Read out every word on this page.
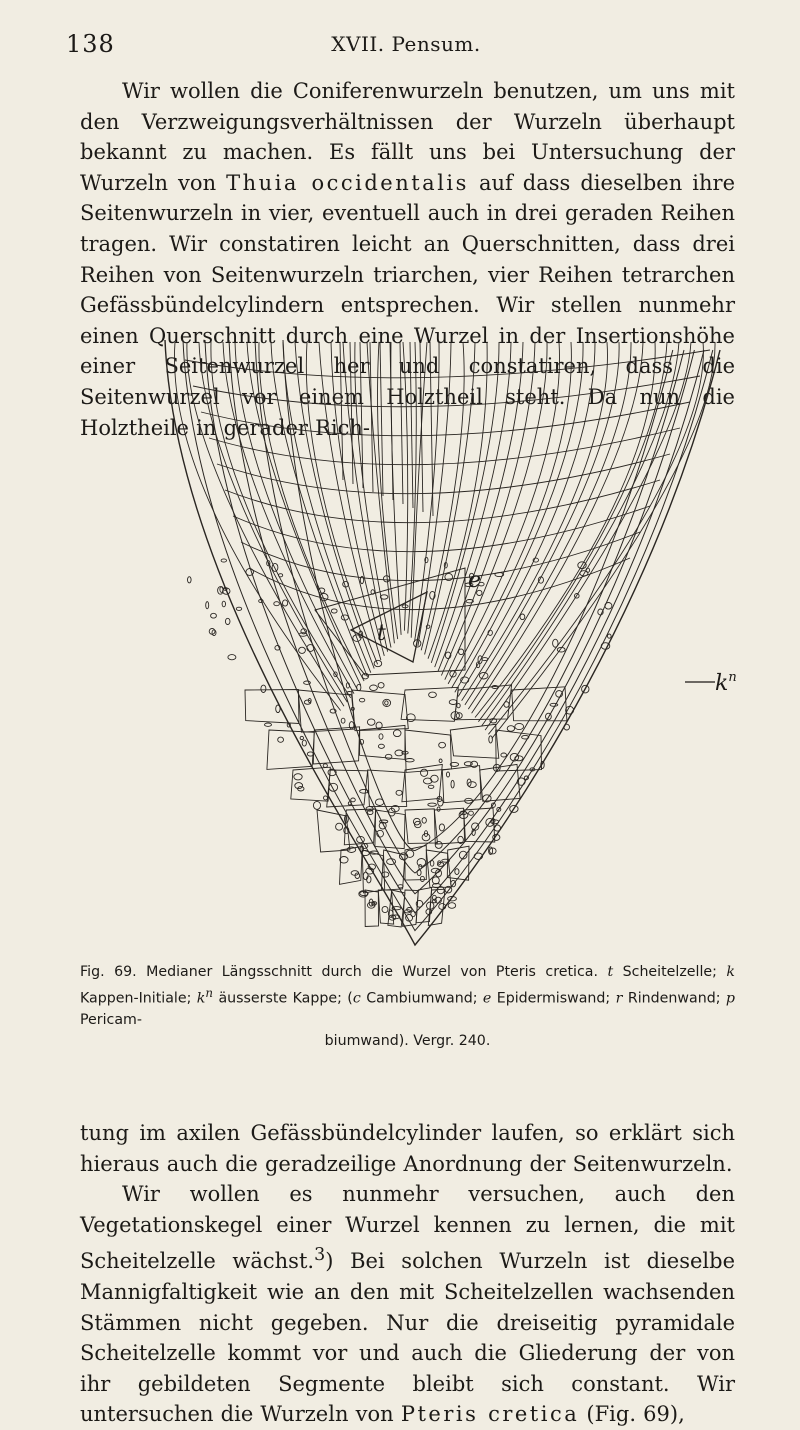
138	XVII. Pensum.

Wir wollen die Coniferenwurzeln benutzen, um uns mit den Verzweigungsverhältnissen der Wurzeln überhaupt bekannt zu machen. Es fällt uns bei Untersuchung der Wurzeln von Thuia occidentalis auf dass dieselben ihre Seitenwurzeln in vier, eventuell auch in drei geraden Reihen tragen. Wir constatiren leicht an Querschnitten, dass drei Reihen von Seitenwurzeln triarchen, vier Reihen tetrarchen Gefässbündelcylindern entsprechen. Wir stellen nunmehr einen Querschnitt durch eine Wurzel in der Insertionshöhe einer Seitenwurzel her und constatiren, dass die Seitenwurzel vor einem Holztheil steht. Da nun die Holztheile in gerader Rich-

t
e
$k^n$
Fig. 69. Medianer Längsschnitt durch die Wurzel von Pteris cretica. t Scheitelzelle; k Kappen-Initiale; $k^n$ äusserste Kappe; (c Cambiumwand; e Epidermiswand; r Rindenwand; p Pericam-
biumwand). Vergr. 240.

tung im axilen Gefässbündelcylinder laufen, so erklärt sich hieraus auch die geradzeilige Anordnung der Seitenwurzeln.

Wir wollen es nunmehr versuchen, auch den Vegetationskegel einer Wurzel kennen zu lernen, die mit Scheitelzelle wächst.$^3$) Bei solchen Wurzeln ist dieselbe Mannigfaltigkeit wie an den mit Scheitelzellen wachsenden Stämmen nicht gegeben. Nur die dreiseitig pyramidale Scheitelzelle kommt vor und auch die Gliederung der von ihr gebildeten Segmente bleibt sich constant. Wir untersuchen die Wurzeln von Pteris cretica (Fig. 69),
